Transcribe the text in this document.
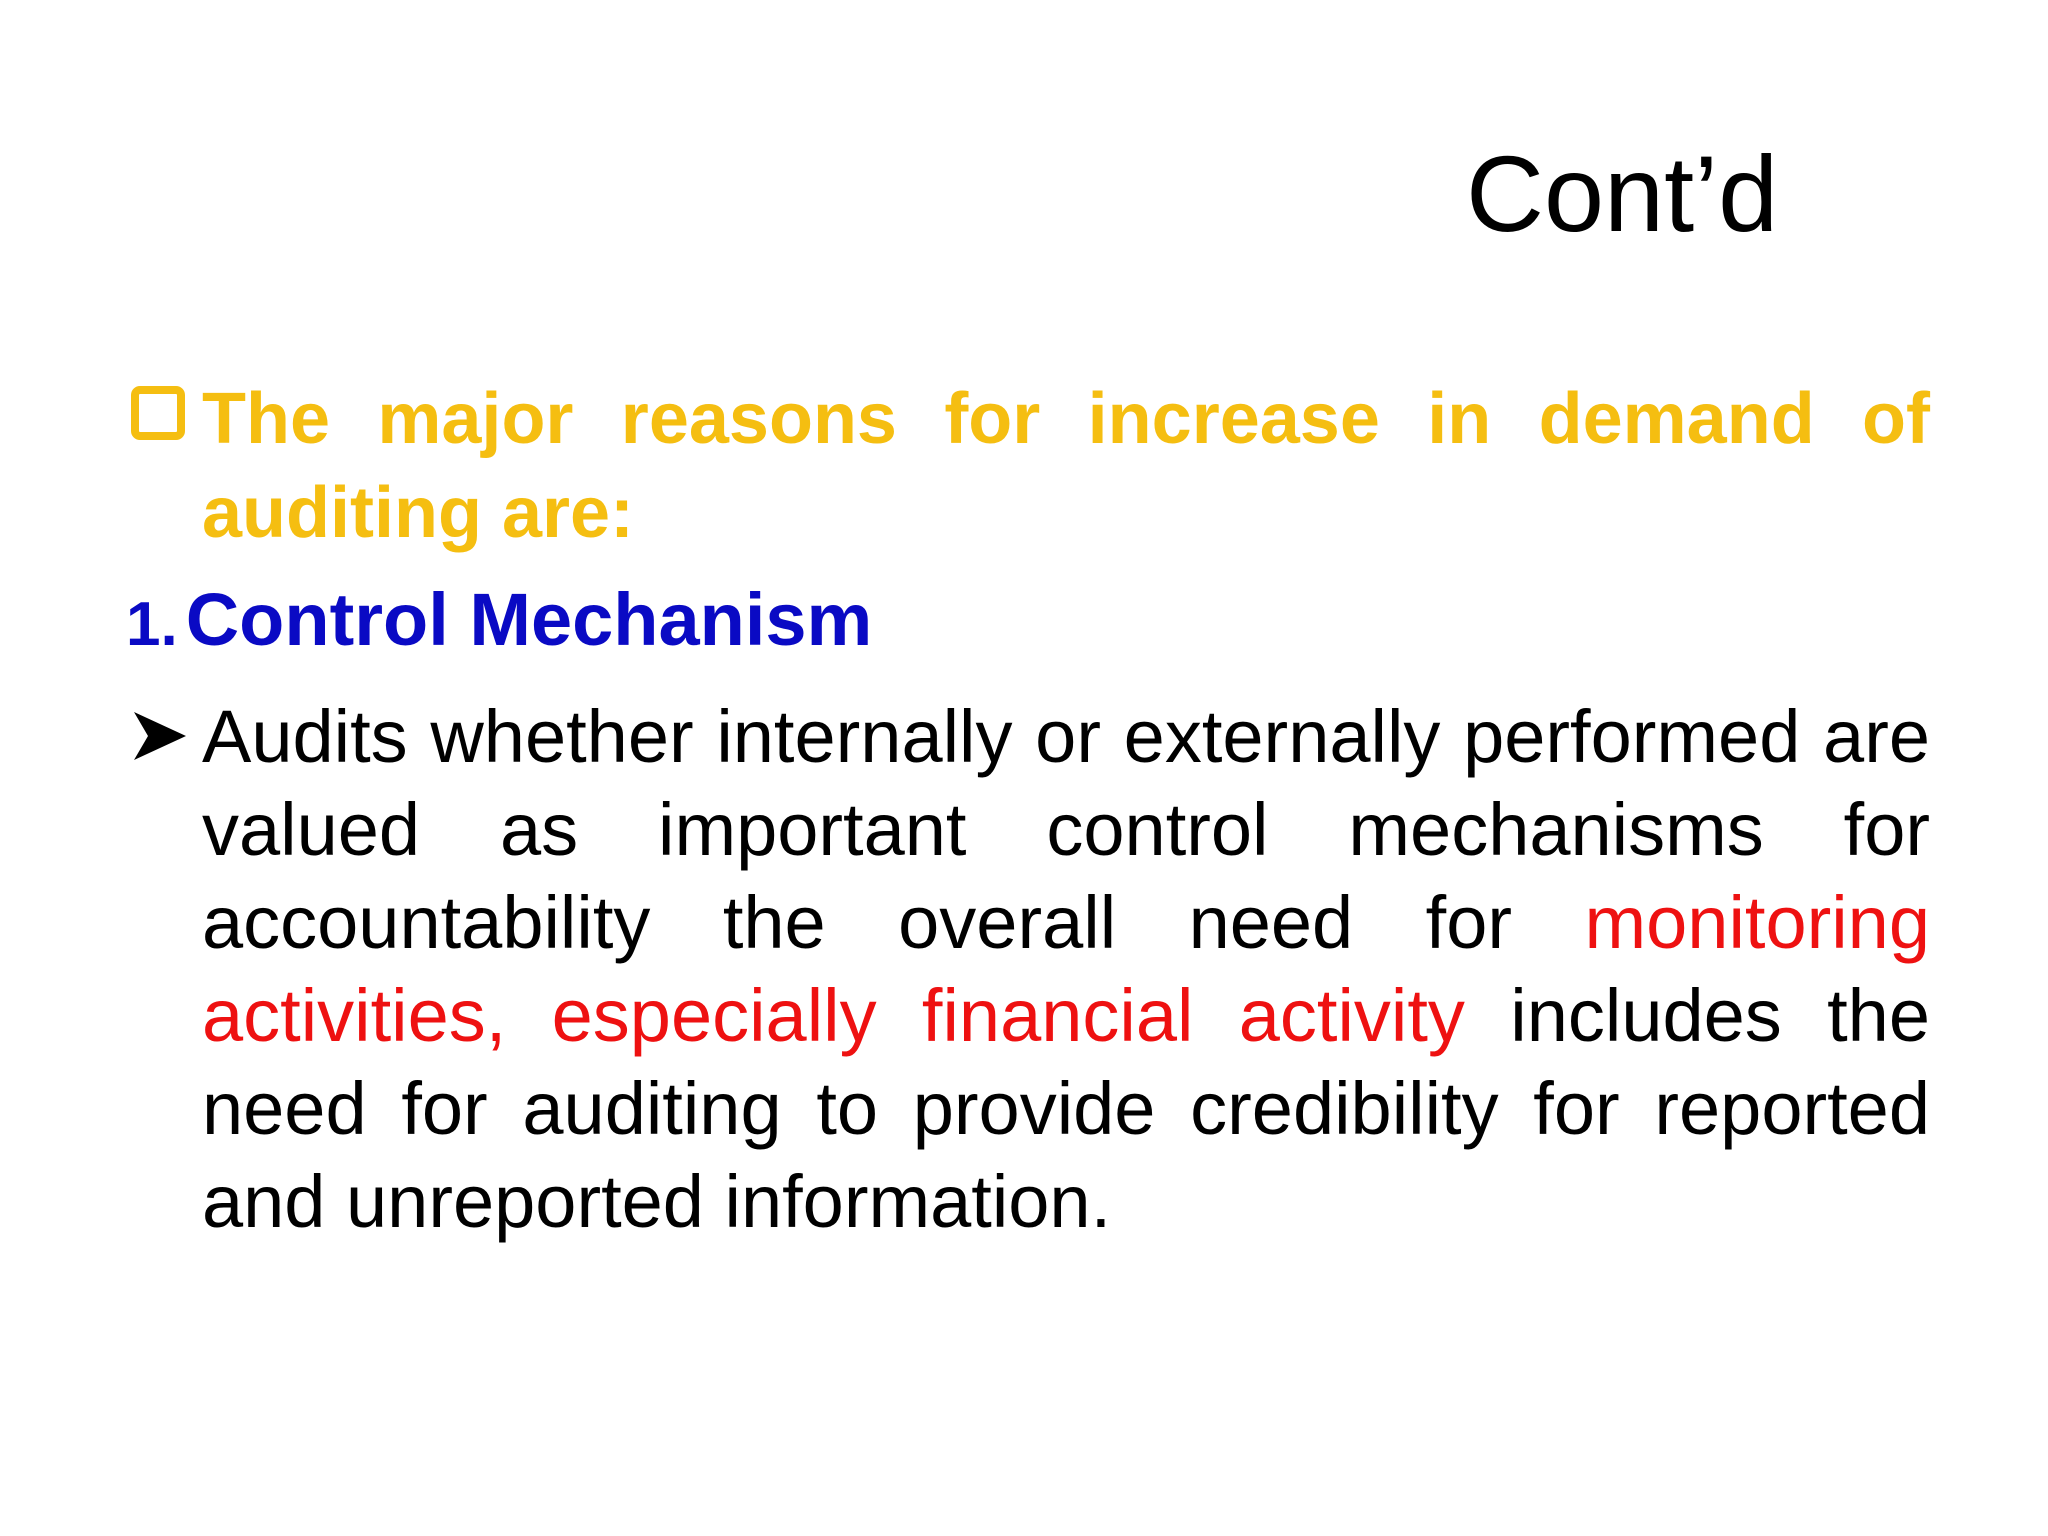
Cont’d
The major reasons for increase in demand of auditing are:
1. Control Mechanism
Audits whether internally or externally performed are valued as important control mechanisms for accountability the overall need for monitoring activities, especially financial activity includes the need for auditing to provide credibility for reported and unreported information.
